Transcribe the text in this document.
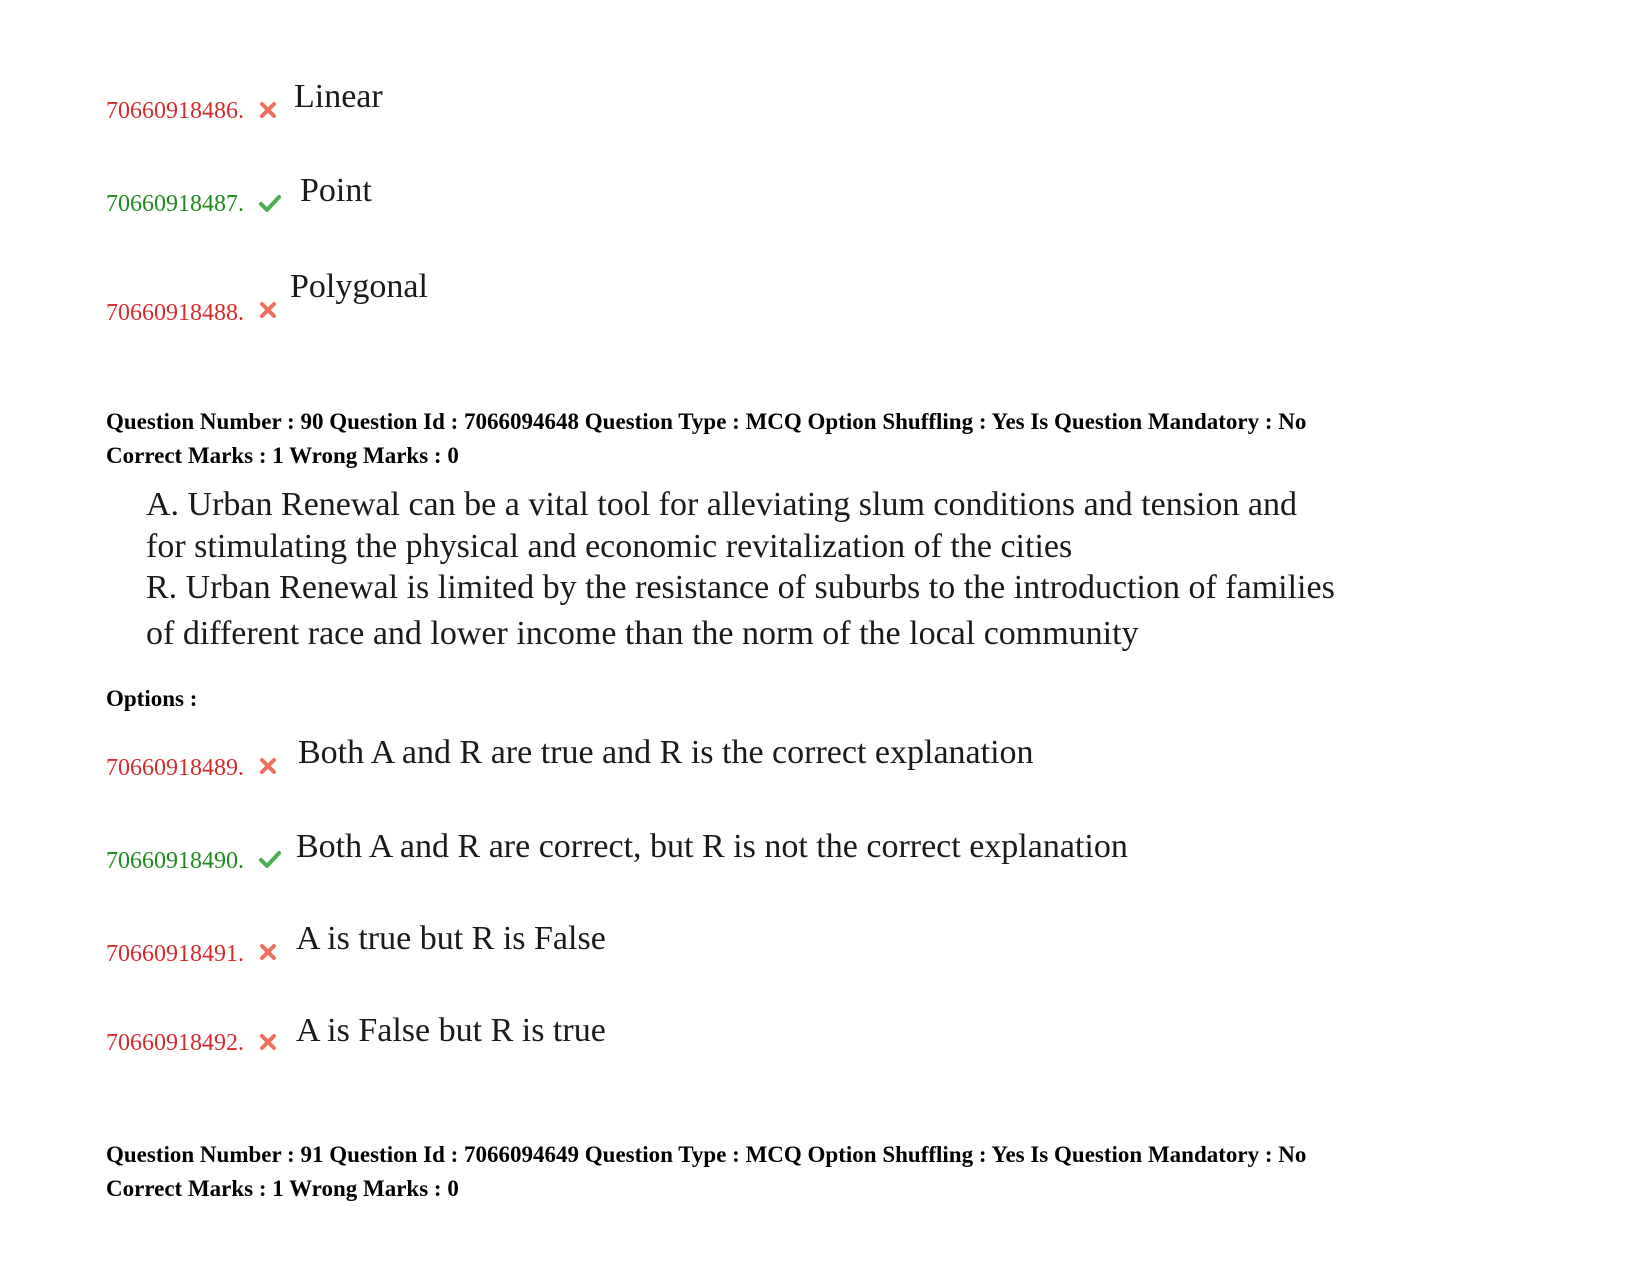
Linear
70660918486.
Point
70660918487.
Polygonal
70660918488.
Question Number : 90 Question Id : 7066094648 Question Type : MCQ Option Shuffling : Yes Is Question Mandatory : No
Correct Marks : 1 Wrong Marks : 0
A. Urban Renewal can be a vital tool for alleviating slum conditions and tension and
for stimulating the physical and economic revitalization of the cities
R. Urban Renewal is limited by the resistance of suburbs to the introduction of families
of different race and lower income than the norm of the local community
Options :
Both A and R are true and R is the correct explanation
70660918489.
Both A and R are correct, but R is not the correct explanation
70660918490.
A is true but R is False
70660918491.
A is False but R is true
70660918492.
Question Number : 91 Question Id : 7066094649 Question Type : MCQ Option Shuffling : Yes Is Question Mandatory : No
Correct Marks : 1 Wrong Marks : 0
